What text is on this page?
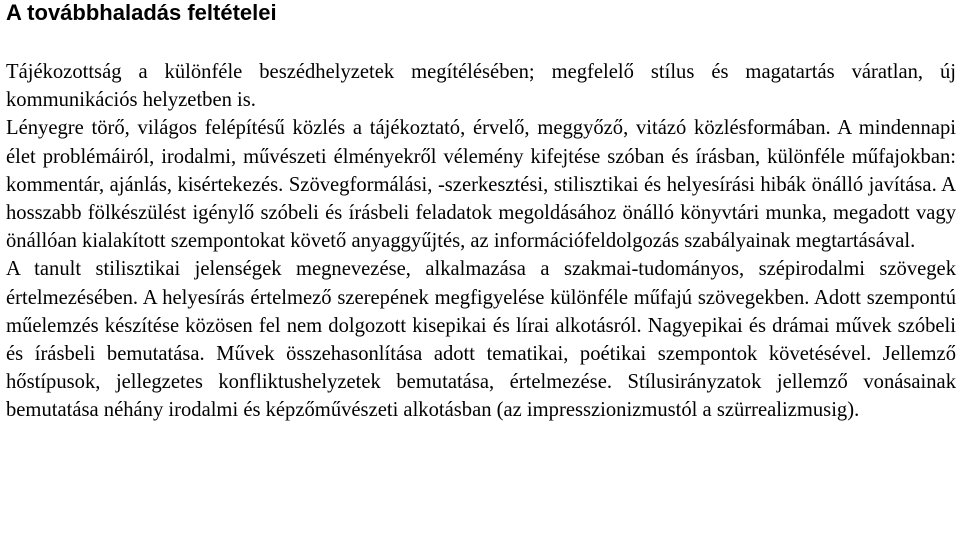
A továbbhaladás feltételei

Tájékozottság a különféle beszédhelyzetek megítélésében; megfelelő stílus és magatartás váratlan, új kommunikációs helyzetben is.

Lényegre törő, világos felépítésű közlés a tájékoztató, érvelő, meggyőző, vitázó közlésformában. A mindennapi élet problémáiról, irodalmi, művészeti élményekről vélemény kifejtése szóban és írásban, különféle műfajokban: kommentár, ajánlás, kisértekezés. Szövegformálási, -szerkesztési, stilisztikai és helyesírási hibák önálló javítása. A hosszabb fölkészülést igénylő szóbeli és írásbeli feladatok megoldásához önálló könyvtári munka, megadott vagy önállóan kialakított szempontokat követő anyaggyűjtés, az információfeldolgozás szabályainak megtartásával.

A tanult stilisztikai jelenségek megnevezése, alkalmazása a szakmai-tudományos, szépirodalmi szövegek értelmezésében. A helyesírás értelmező szerepének megfigyelése különféle műfajú szövegekben. Adott szempontú műelemzés készítése közösen fel nem dolgozott kisepikai és lírai alkotásról. Nagyepikai és drámai művek szóbeli és írásbeli bemutatása. Művek összehasonlítása adott tematikai, poétikai szempontok követésével. Jellemző hőstípusok, jellegzetes konfliktushelyzetek bemutatása, értelmezése. Stílusirányzatok jellemző vonásainak bemutatása néhány irodalmi és képzőművészeti alkotásban (az impresszionizmustól a szürrealizmusig).
